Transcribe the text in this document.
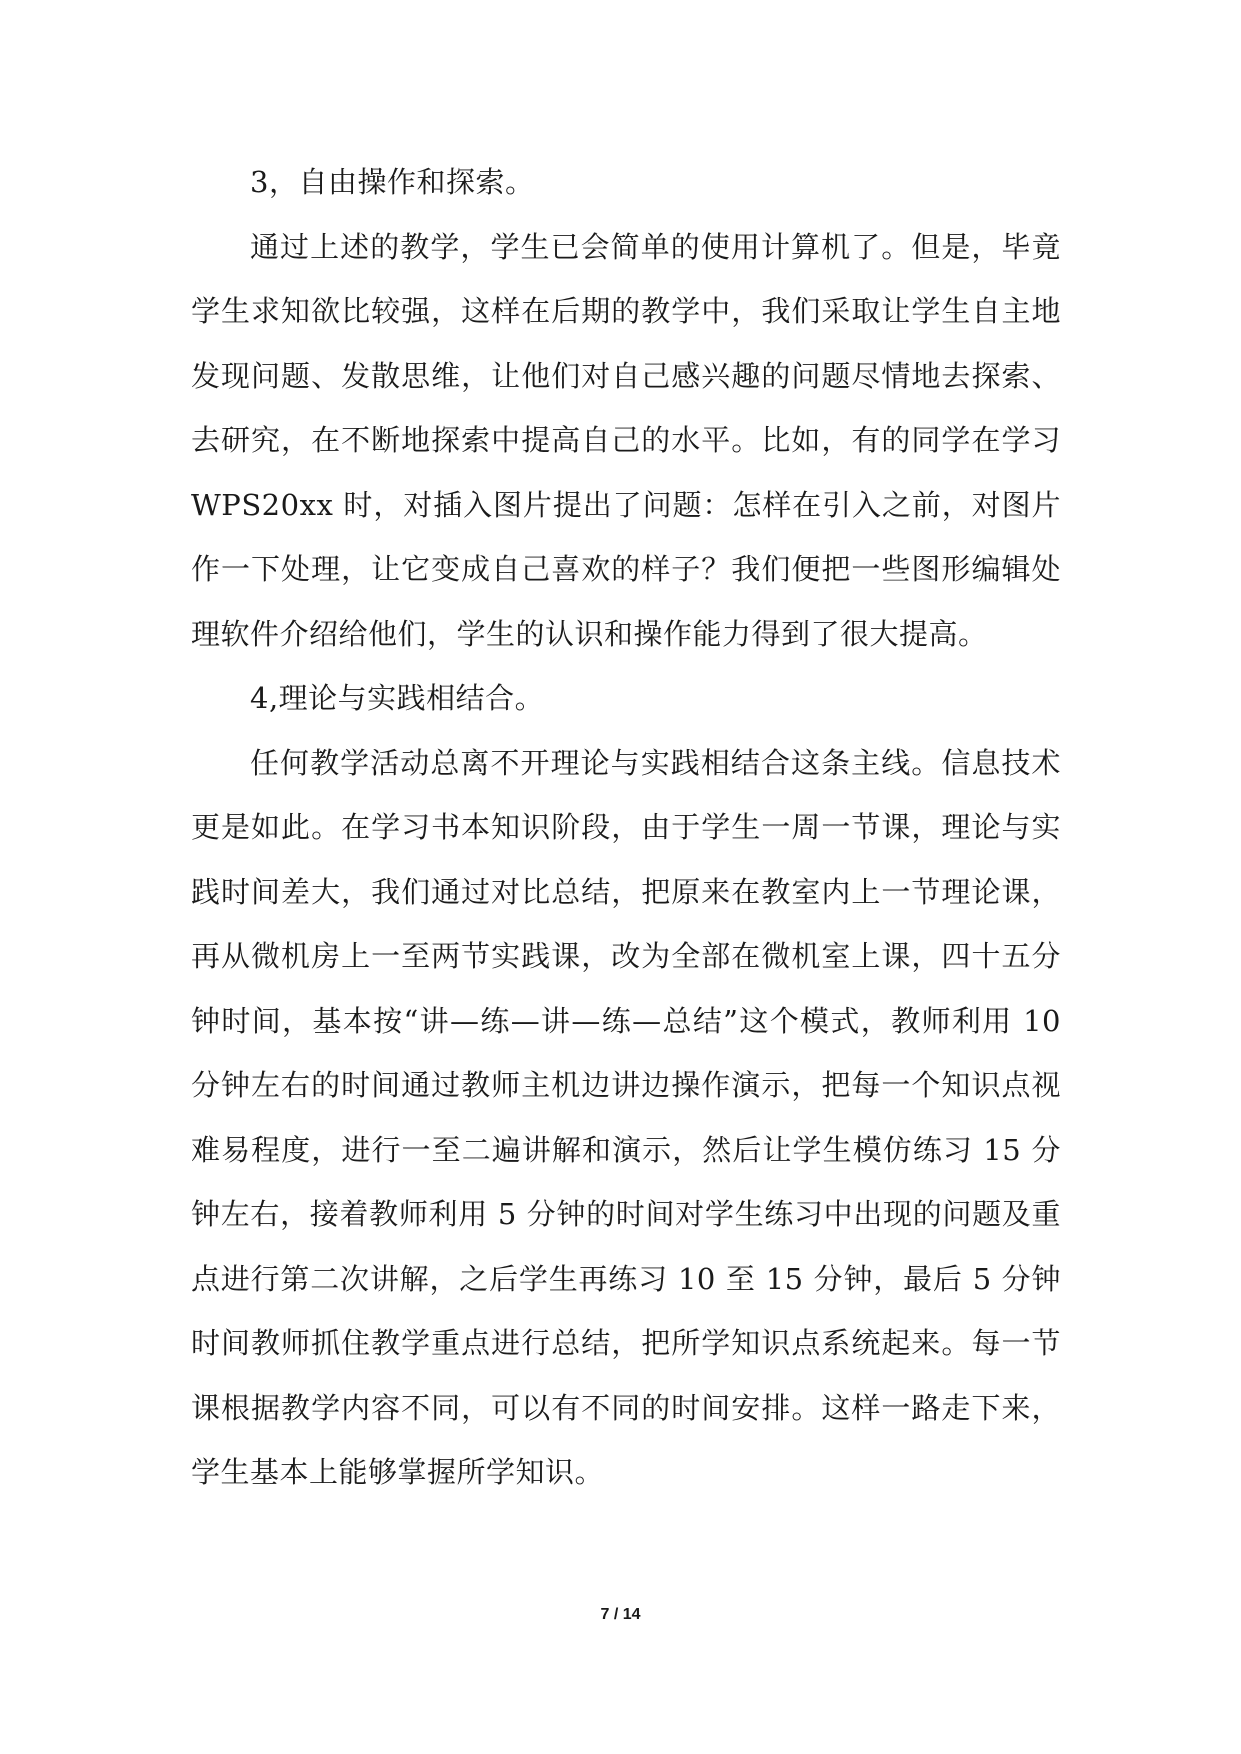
3，自由操作和探索。

通过上述的教学，学生已会简单的使用计算机了。但是，毕竟学生求知欲比较强，这样在后期的教学中，我们采取让学生自主地发现问题、发散思维，让他们对自己感兴趣的问题尽情地去探索、去研究，在不断地探索中提高自己的水平。比如，有的同学在学习 WPS20xx 时，对插入图片提出了问题：怎样在引入之前，对图片作一下处理，让它变成自己喜欢的样子？我们便把一些图形编辑处理软件介绍给他们，学生的认识和操作能力得到了很大提高。

4,理论与实践相结合。

任何教学活动总离不开理论与实践相结合这条主线。信息技术更是如此。在学习书本知识阶段，由于学生一周一节课，理论与实践时间差大，我们通过对比总结，把原来在教室内上一节理论课，再从微机房上一至两节实践课，改为全部在微机室上课，四十五分钟时间，基本按“讲—练—讲—练—总结”这个模式，教师利用 10 分钟左右的时间通过教师主机边讲边操作演示，把每一个知识点视难易程度，进行一至二遍讲解和演示，然后让学生模仿练习 15 分钟左右，接着教师利用 5 分钟的时间对学生练习中出现的问题及重点进行第二次讲解，之后学生再练习 10 至 15 分钟，最后 5 分钟时间教师抓住教学重点进行总结，把所学知识点系统起来。每一节课根据教学内容不同，可以有不同的时间安排。这样一路走下来，学生基本上能够掌握所学知识。

7 / 14
